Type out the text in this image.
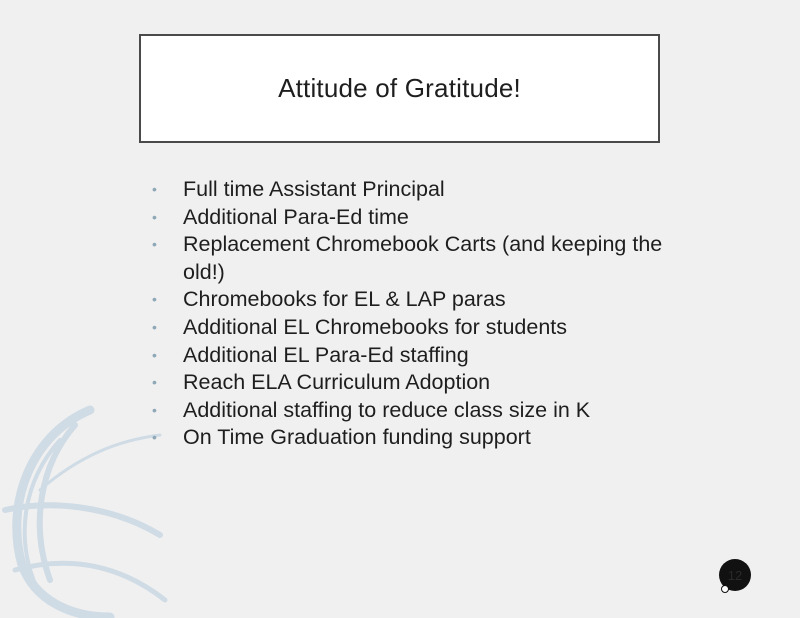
Attitude of Gratitude!
• Full time Assistant Principal
• Additional Para-Ed time
• Replacement Chromebook Carts (and keeping the old!)
• Chromebooks for EL & LAP paras
• Additional EL Chromebooks for students
• Additional EL Para-Ed staffing
• Reach ELA Curriculum Adoption
• Additional staffing to reduce class size in K
• On Time Graduation funding support
12
